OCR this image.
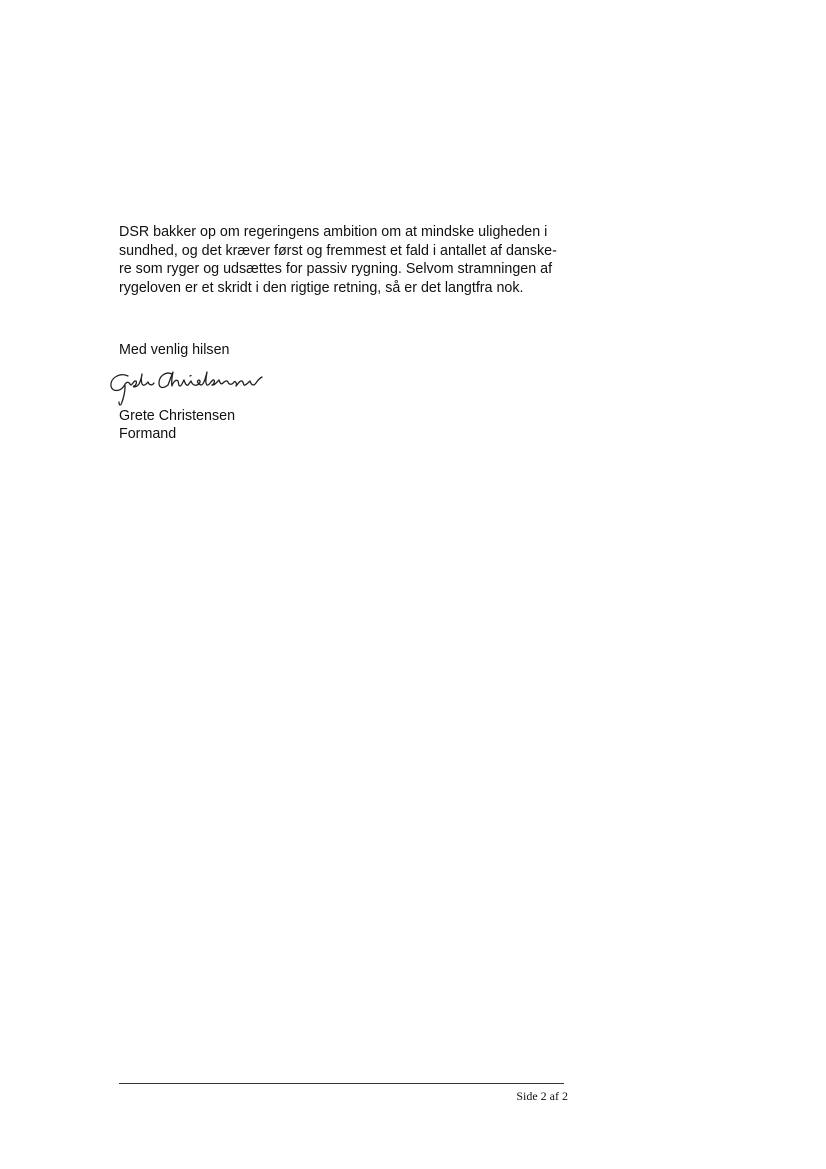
DSR bakker op om regeringens ambition om at mindske uligheden i
sundhed, og det kræver først og fremmest et fald i antallet af danske-
re som ryger og udsættes for passiv rygning. Selvom stramningen af
rygeloven er et skridt i den rigtige retning, så er det langtfra nok.
Med venlig hilsen
Grete Christensen
Formand
Side 2 af 2
